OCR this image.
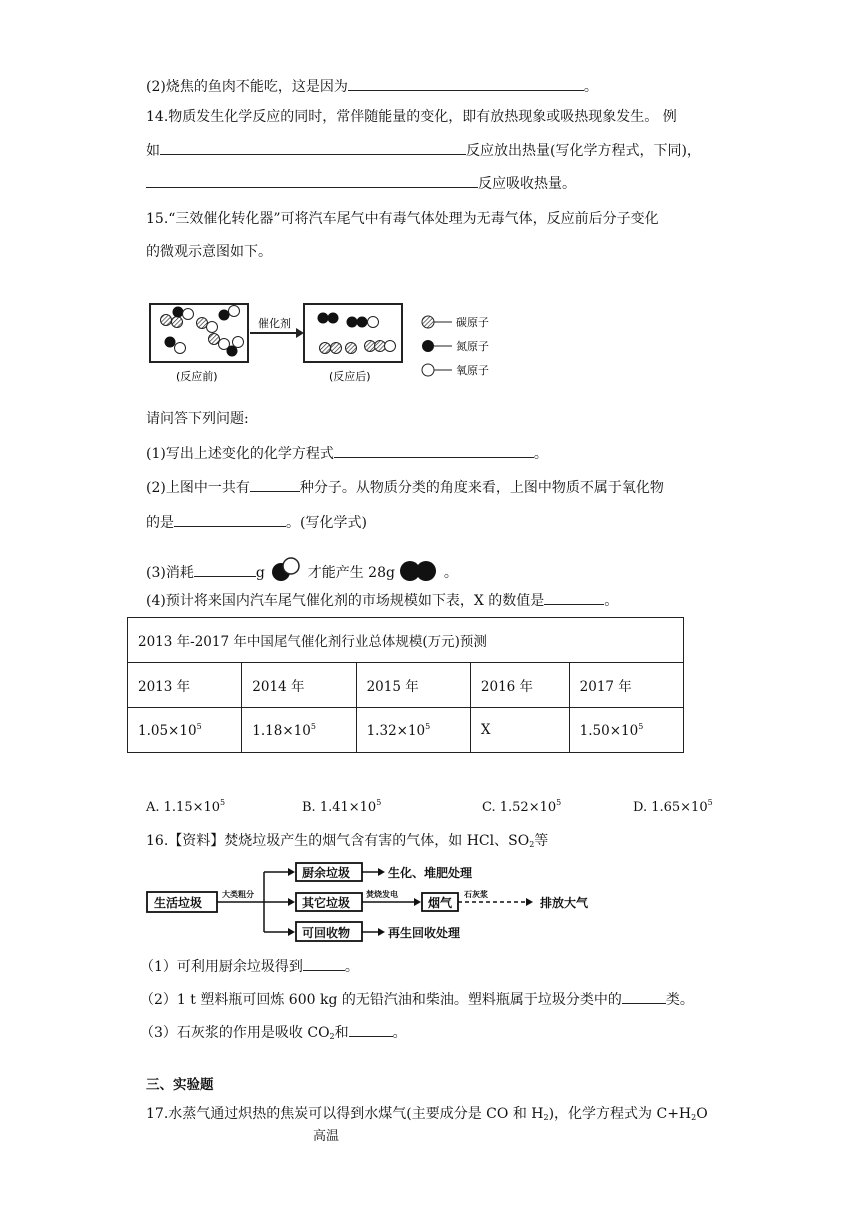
(2)烧焦的鱼肉不能吃，这是因为	。
14.物质发生化学反应的同时，常伴随能量的变化，即有放热现象或吸热现象发生。 例
如	反应放出热量(写化学方程式，下同)，
反应吸收热量。
15.“三效催化转化器”可将汽车尾气中有毒气体处理为无毒气体，反应前后分子变化
的微观示意图如下。
催化剂
(反应前)	(反应后)
碳原子
氮原子
氧原子
请问答下列问题:
(1)写出上述变化的化学方程式	。
(2)上图中一共有	种分子。从物质分类的角度来看，上图中物质不属于氧化物
的是	。(写化学式)
(3)消耗	g	才能产生 28g	。
(4)预计将来国内汽车尾气催化剂的市场规模如下表，X 的数值是	。
2013 年-2017 年中国尾气催化剂行业总体规模(万元)预测				
2013 年	2014 年	2015 年	2016 年	2017 年
$1.05\times 10^5$	$1.18\times 10^5$	$1.32\times 10^5$	X	$1.50\times 10^5$
A. $1.15\times 10^5$	B. $1.41\times 10^5$	C. $1.52\times 10^5$	D. $1.65\times 10^5$
16.【资料】焚烧垃圾产生的烟气含有害的气体，如 HCl、$SO_2$等
生活垃圾
大类粗分
厨余垃圾
其它垃圾
可回收物
生化、堆肥处理
焚烧发电
烟气
石灰浆
排放大气
再生回收处理
（1）可利用厨余垃圾得到	。
（2）1 t 塑料瓶可回炼 600 kg 的无铅汽油和柴油。塑料瓶属于垃圾分类中的	类。
（3）石灰浆的作用是吸收 $CO_2$和	。
三、实验题
17.水蒸气通过炽热的焦炭可以得到水煤气(主要成分是 CO 和 $H_2$)，化学方程式为 $C+H_2O$
高温
